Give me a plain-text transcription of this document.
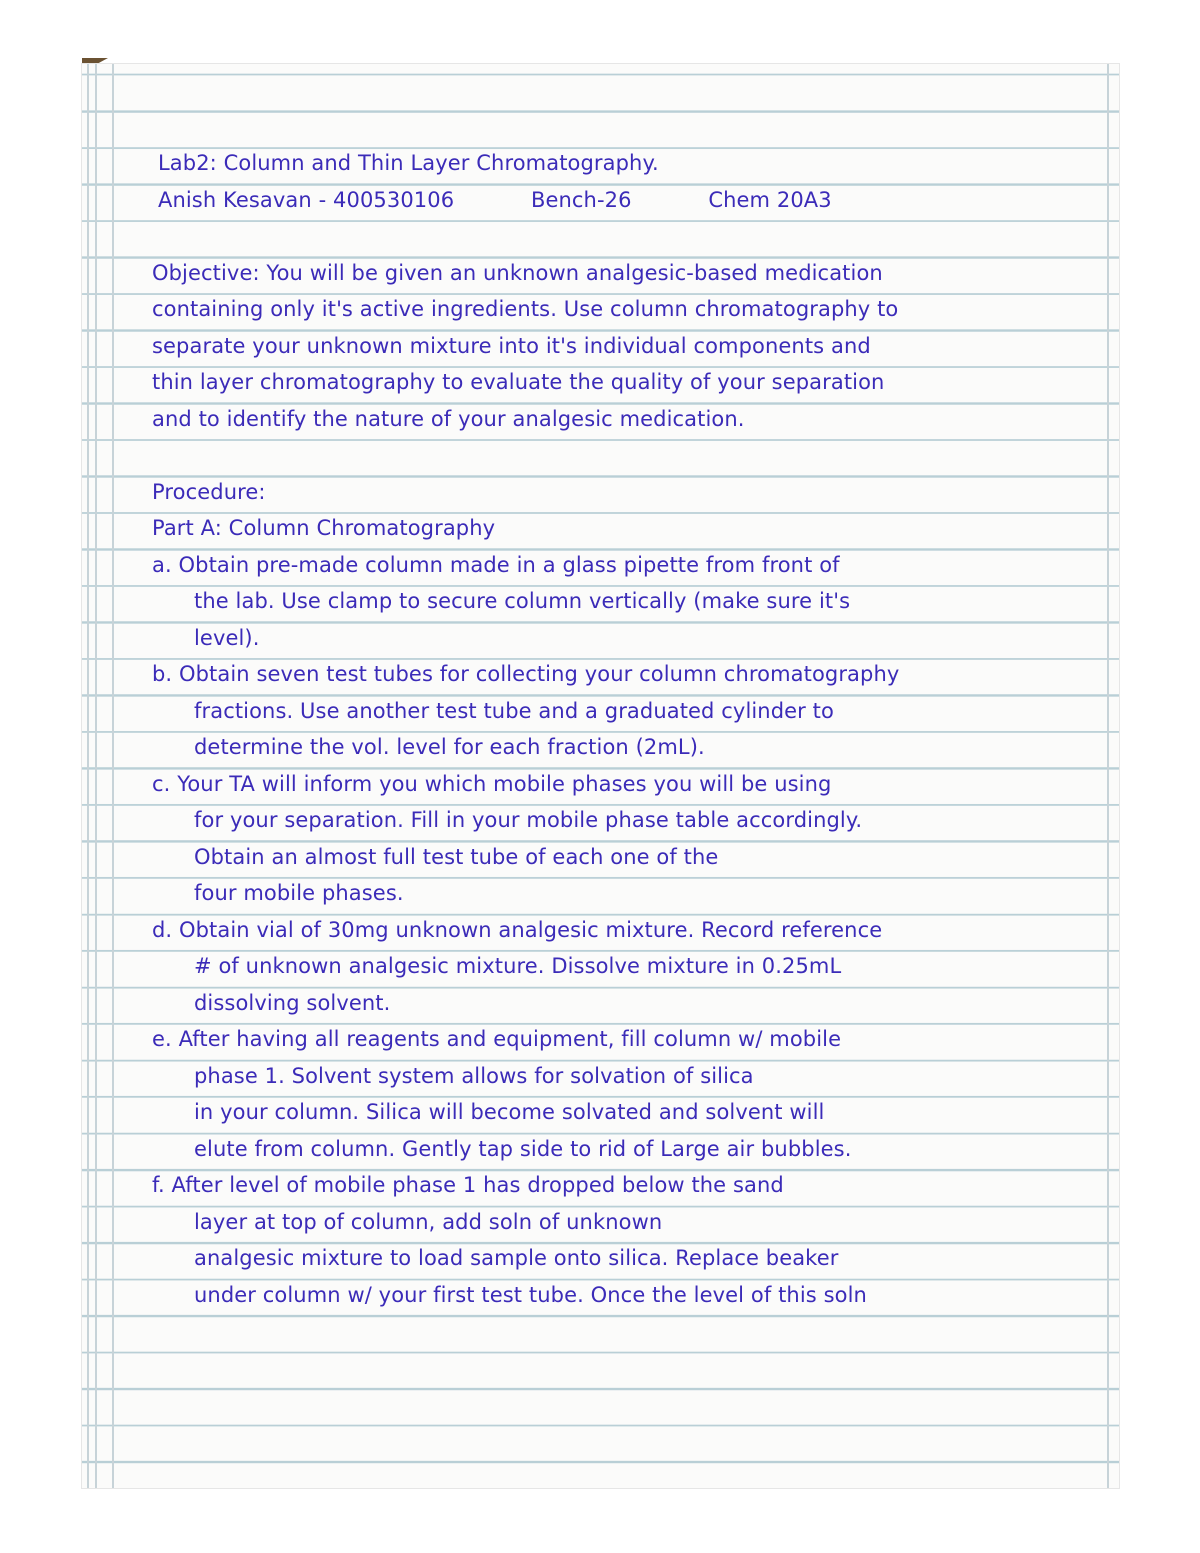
Lab2: Column and Thin Layer Chromatography.
Anish Kesavan - 400530106	Bench-26	Chem 20A3
Objective: You will be given an unknown analgesic-based medication
containing only it's active ingredients. Use column chromatography to
separate your unknown mixture into it's individual components and
thin layer chromatography to evaluate the quality of your separation
and to identify the nature of your analgesic medication.
Procedure:
Part A: Column Chromatography
a. Obtain pre-made column made in a glass pipette from front of
the lab. Use clamp to secure column vertically (make sure it's
level).
b. Obtain seven test tubes for collecting your column chromatography
fractions. Use another test tube and a graduated cylinder to
determine the vol. level for each fraction (2mL).
c. Your TA will inform you which mobile phases you will be using
for your separation. Fill in your mobile phase table accordingly.
Obtain an almost full test tube of each one of the
four mobile phases.
d. Obtain vial of 30mg unknown analgesic mixture. Record reference
# of unknown analgesic mixture. Dissolve mixture in 0.25mL
dissolving solvent.
e. After having all reagents and equipment, fill column w/ mobile
phase 1. Solvent system allows for solvation of silica
in your column. Silica will become solvated and solvent will
elute from column. Gently tap side to rid of Large air bubbles.
f. After level of mobile phase 1 has dropped below the sand
layer at top of column, add soln of unknown
analgesic mixture to load sample onto silica. Replace beaker
under column w/ your first test tube. Once the level of this soln
